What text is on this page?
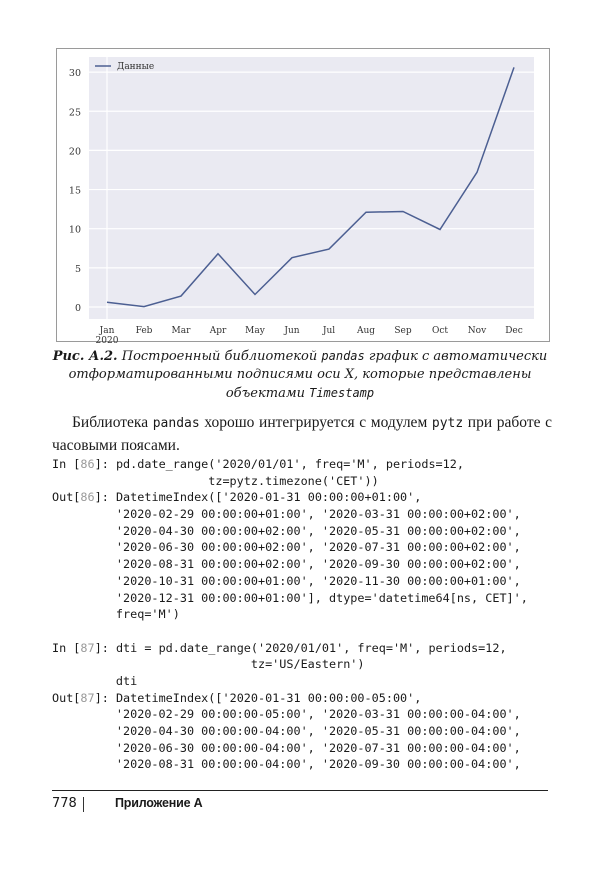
0
5
10
15
20
25
30
Jan
2020
Feb Mar Apr May Jun	Jul Aug Sep Oct Nov Dec
Данные
Рис. А.2. Построенный библиотекой pandas график с автоматически отформатированными подписями оси X, которые представлены объектами Timestamp
Библиотека pandas хорошо интегрируется с модулем pytz при работе с часовыми поясами.
In [86]: pd.date_range('2020/01/01', freq='M', periods=12,
tz=pytz.timezone('CET'))
Out[86]: DatetimeIndex(['2020-01-31 00:00:00+01:00',
'2020-02-29 00:00:00+01:00', '2020-03-31 00:00:00+02:00',
'2020-04-30 00:00:00+02:00', '2020-05-31 00:00:00+02:00',
'2020-06-30 00:00:00+02:00', '2020-07-31 00:00:00+02:00',
'2020-08-31 00:00:00+02:00', '2020-09-30 00:00:00+02:00',
'2020-10-31 00:00:00+01:00', '2020-11-30 00:00:00+01:00',
'2020-12-31 00:00:00+01:00'], dtype='datetime64[ns, CET]',
freq='M')
In [87]: dti = pd.date_range('2020/01/01', freq='M', periods=12,
tz='US/Eastern')
dti
Out[87]: DatetimeIndex(['2020-01-31 00:00:00-05:00',
'2020-02-29 00:00:00-05:00', '2020-03-31 00:00:00-04:00',
'2020-04-30 00:00:00-04:00', '2020-05-31 00:00:00-04:00',
'2020-06-30 00:00:00-04:00', '2020-07-31 00:00:00-04:00',
'2020-08-31 00:00:00-04:00', '2020-09-30 00:00:00-04:00',
778	Приложение А
